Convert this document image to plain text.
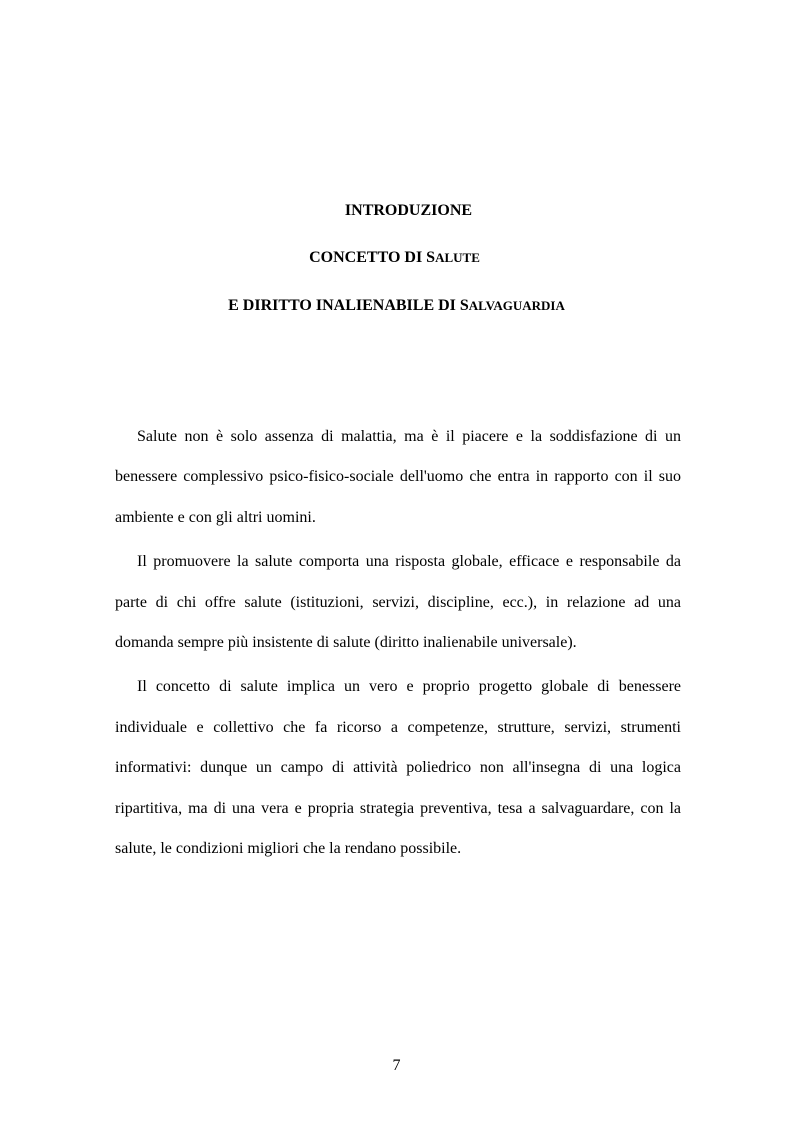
INTRODUZIONE
CONCETTO DI SALUTE
E DIRITTO INALIENABILE DI SALVAGUARDIA

Salute non è solo assenza di malattia, ma è il piacere e la soddisfazione di un benessere complessivo psico-fisico-sociale dell'uomo che entra in rapporto con il suo ambiente e con gli altri uomini.

Il promuovere la salute comporta una risposta globale, efficace e responsabile da parte di chi offre salute (istituzioni, servizi, discipline, ecc.), in relazione ad una domanda sempre più insistente di salute (diritto inalienabile universale).

Il concetto di salute implica un vero e proprio progetto globale di benessere individuale e collettivo che fa ricorso a competenze, strutture, servizi, strumenti informativi: dunque un campo di attività poliedrico non all'insegna di una logica ripartitiva, ma di una vera e propria strategia preventiva, tesa a salvaguardare, con la salute, le condizioni migliori che la rendano possibile.

7
